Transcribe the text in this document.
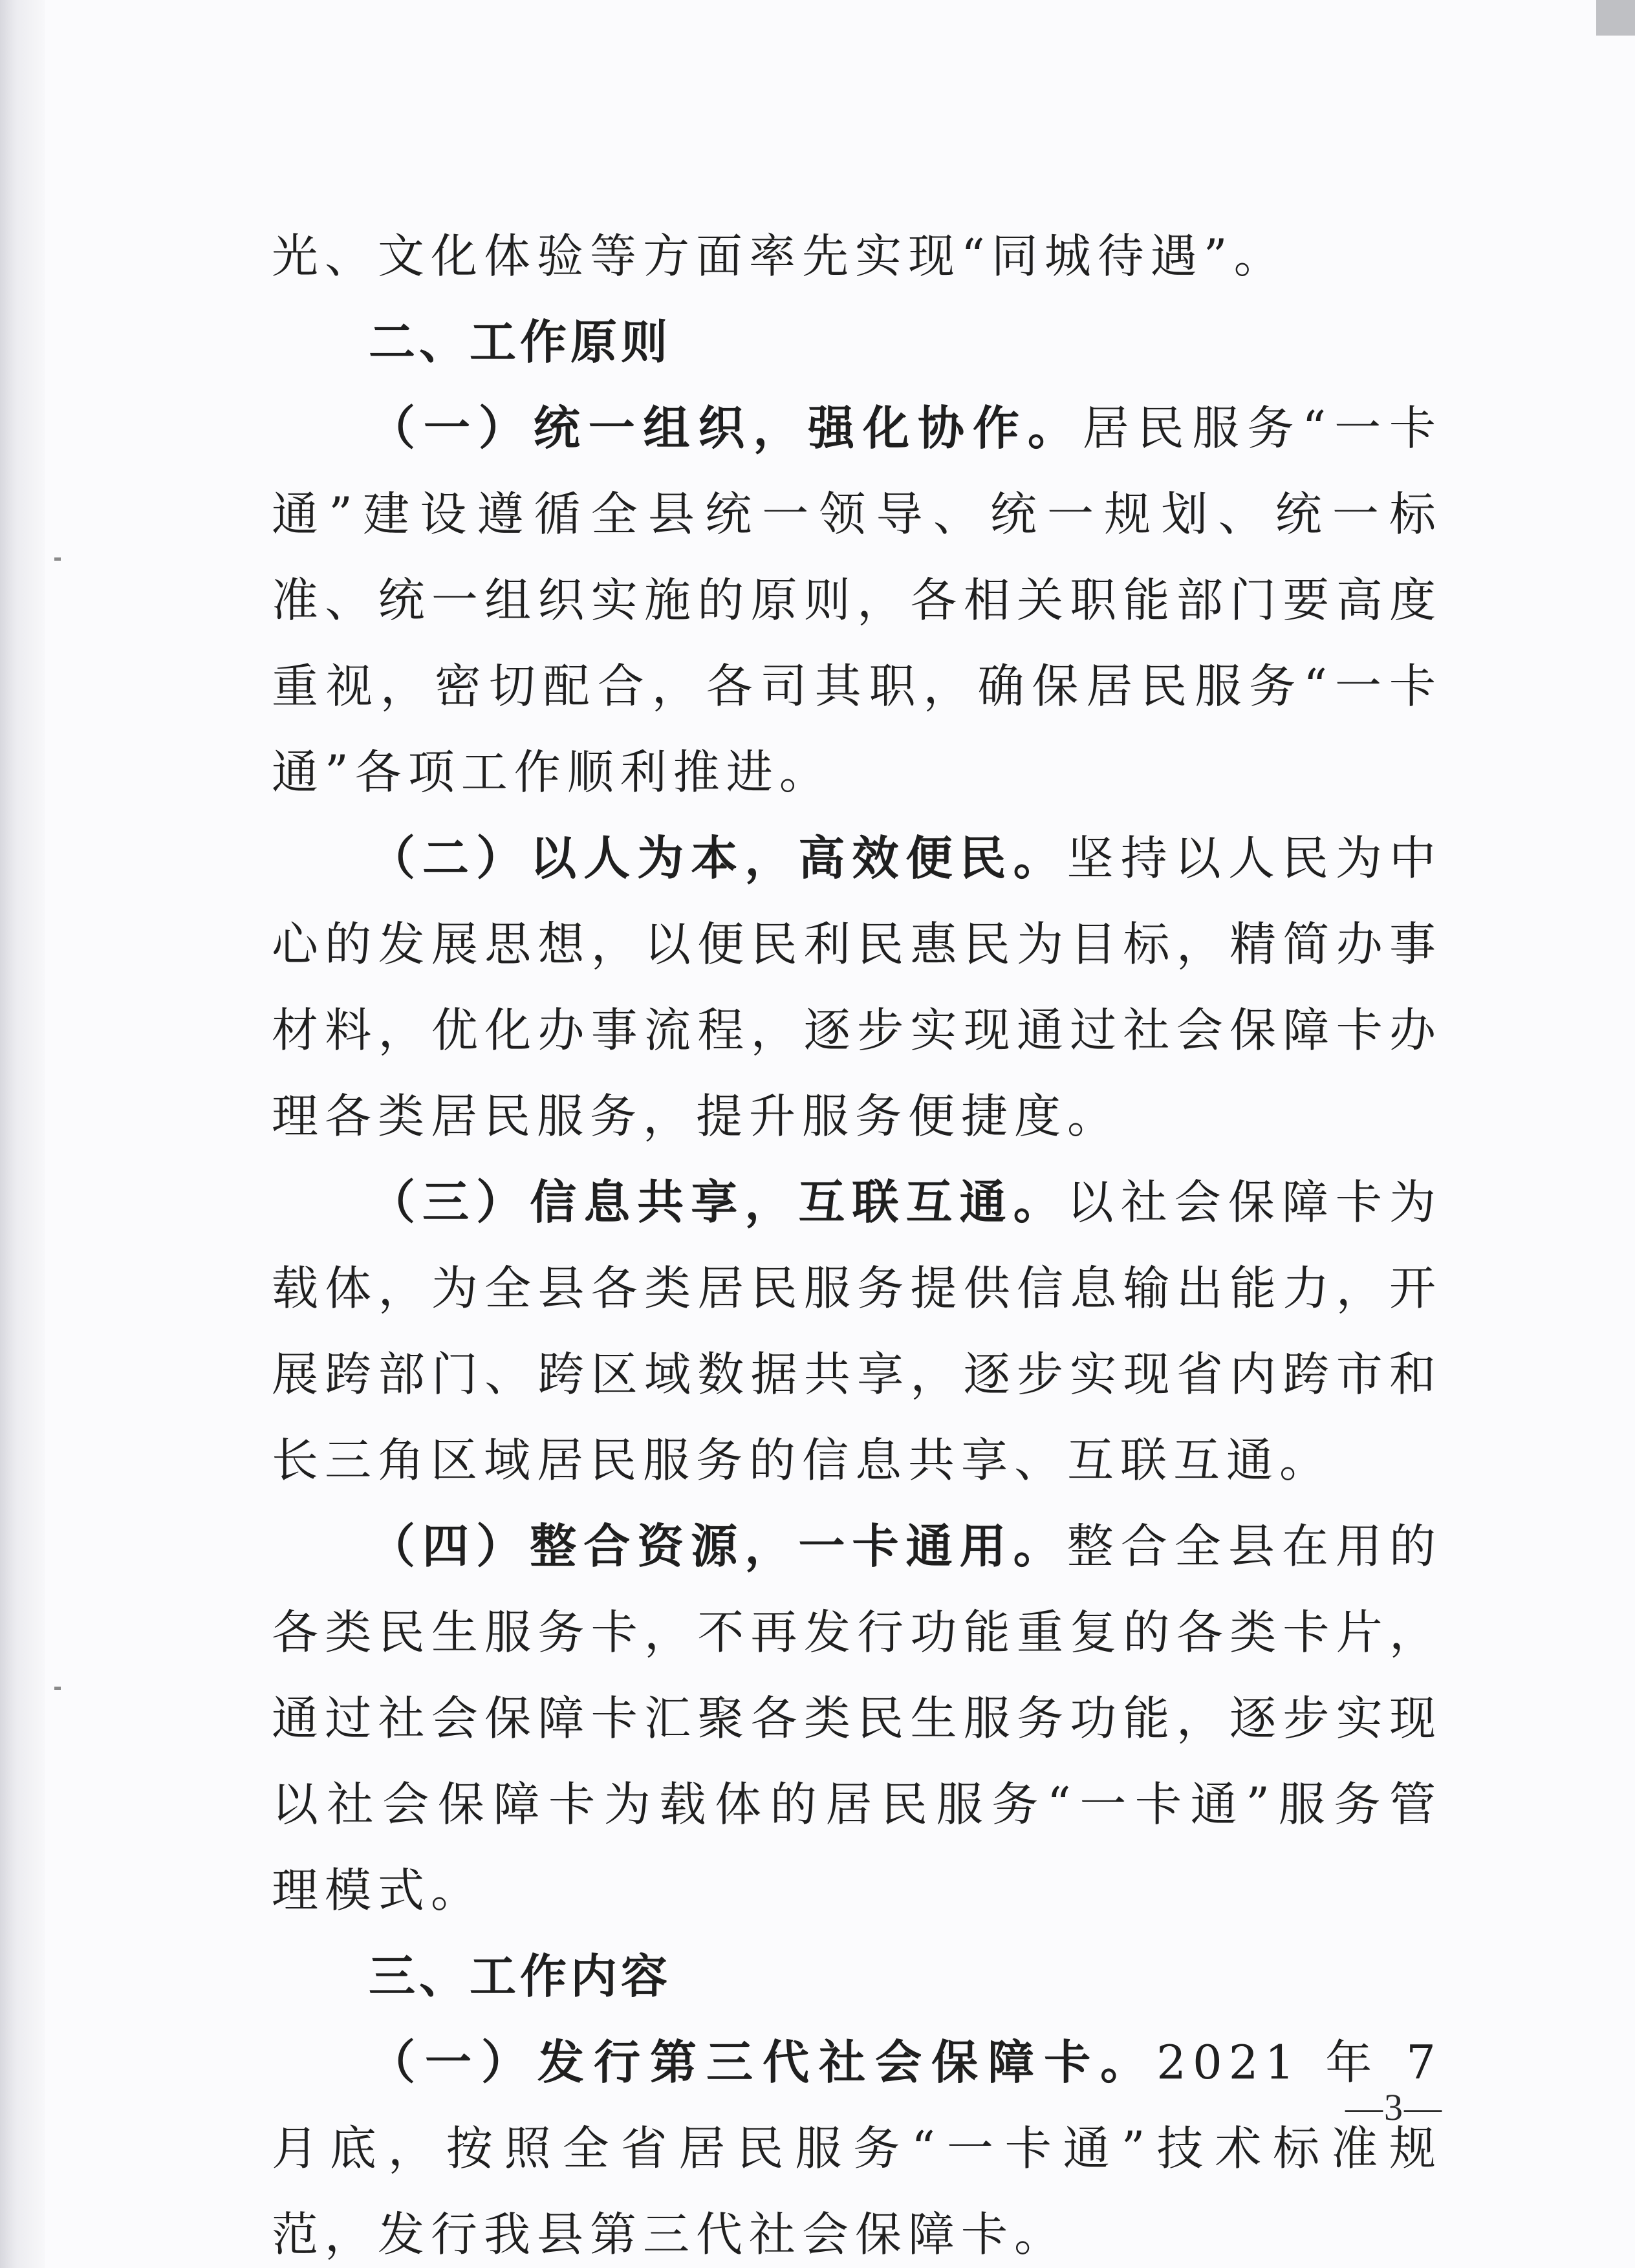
光、文化体验等方面率先实现“同城待遇”。

二、工作原则

（一）统一组织，强化协作。居民服务“一卡通”建设遵循全县统一领导、统一规划、统一标准、统一组织实施的原则，各相关职能部门要高度重视，密切配合，各司其职，确保居民服务“一卡通”各项工作顺利推进。

（二）以人为本，高效便民。坚持以人民为中心的发展思想，以便民利民惠民为目标，精简办事材料，优化办事流程，逐步实现通过社会保障卡办理各类居民服务，提升服务便捷度。

（三）信息共享，互联互通。以社会保障卡为载体，为全县各类居民服务提供信息输出能力，开展跨部门、跨区域数据共享，逐步实现省内跨市和长三角区域居民服务的信息共享、互联互通。

（四）整合资源，一卡通用。整合全县在用的各类民生服务卡，不再发行功能重复的各类卡片，通过社会保障卡汇聚各类民生服务功能，逐步实现以社会保障卡为载体的居民服务“一卡通”服务管理模式。

三、工作内容

（一）发行第三代社会保障卡。2021 年 7 月底，按照全省居民服务“一卡通”技术标准规范，发行我县第三代社会保障卡。

—3—
